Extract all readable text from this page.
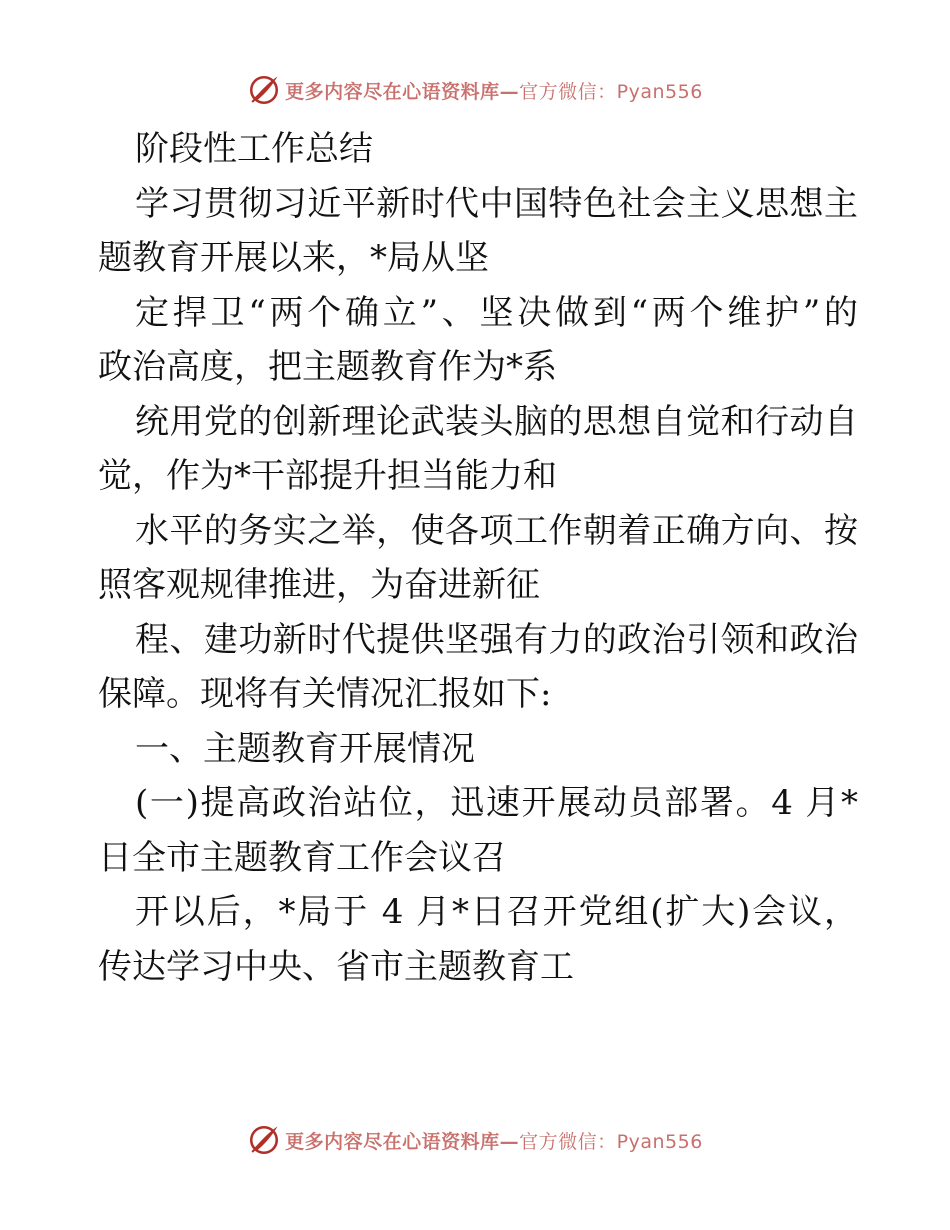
更多内容尽在心语资料库—官方微信：Pyan556
阶段性工作总结
学习贯彻习近平新时代中国特色社会主义思想主
题教育开展以来，*局从坚
定捍卫“两个确立”、坚决做到“两个维护”的
政治高度，把主题教育作为*系
统用党的创新理论武装头脑的思想自觉和行动自
觉，作为*干部提升担当能力和
水平的务实之举，使各项工作朝着正确方向、按
照客观规律推进，为奋进新征
程、建功新时代提供坚强有力的政治引领和政治
保障。现将有关情况汇报如下:
一、主题教育开展情况
(一)提高政治站位，迅速开展动员部署。4 月*
日全市主题教育工作会议召
开以后，*局于 4 月*日召开党组(扩大)会议，
传达学习中央、省市主题教育工
更多内容尽在心语资料库—官方微信：Pyan556
